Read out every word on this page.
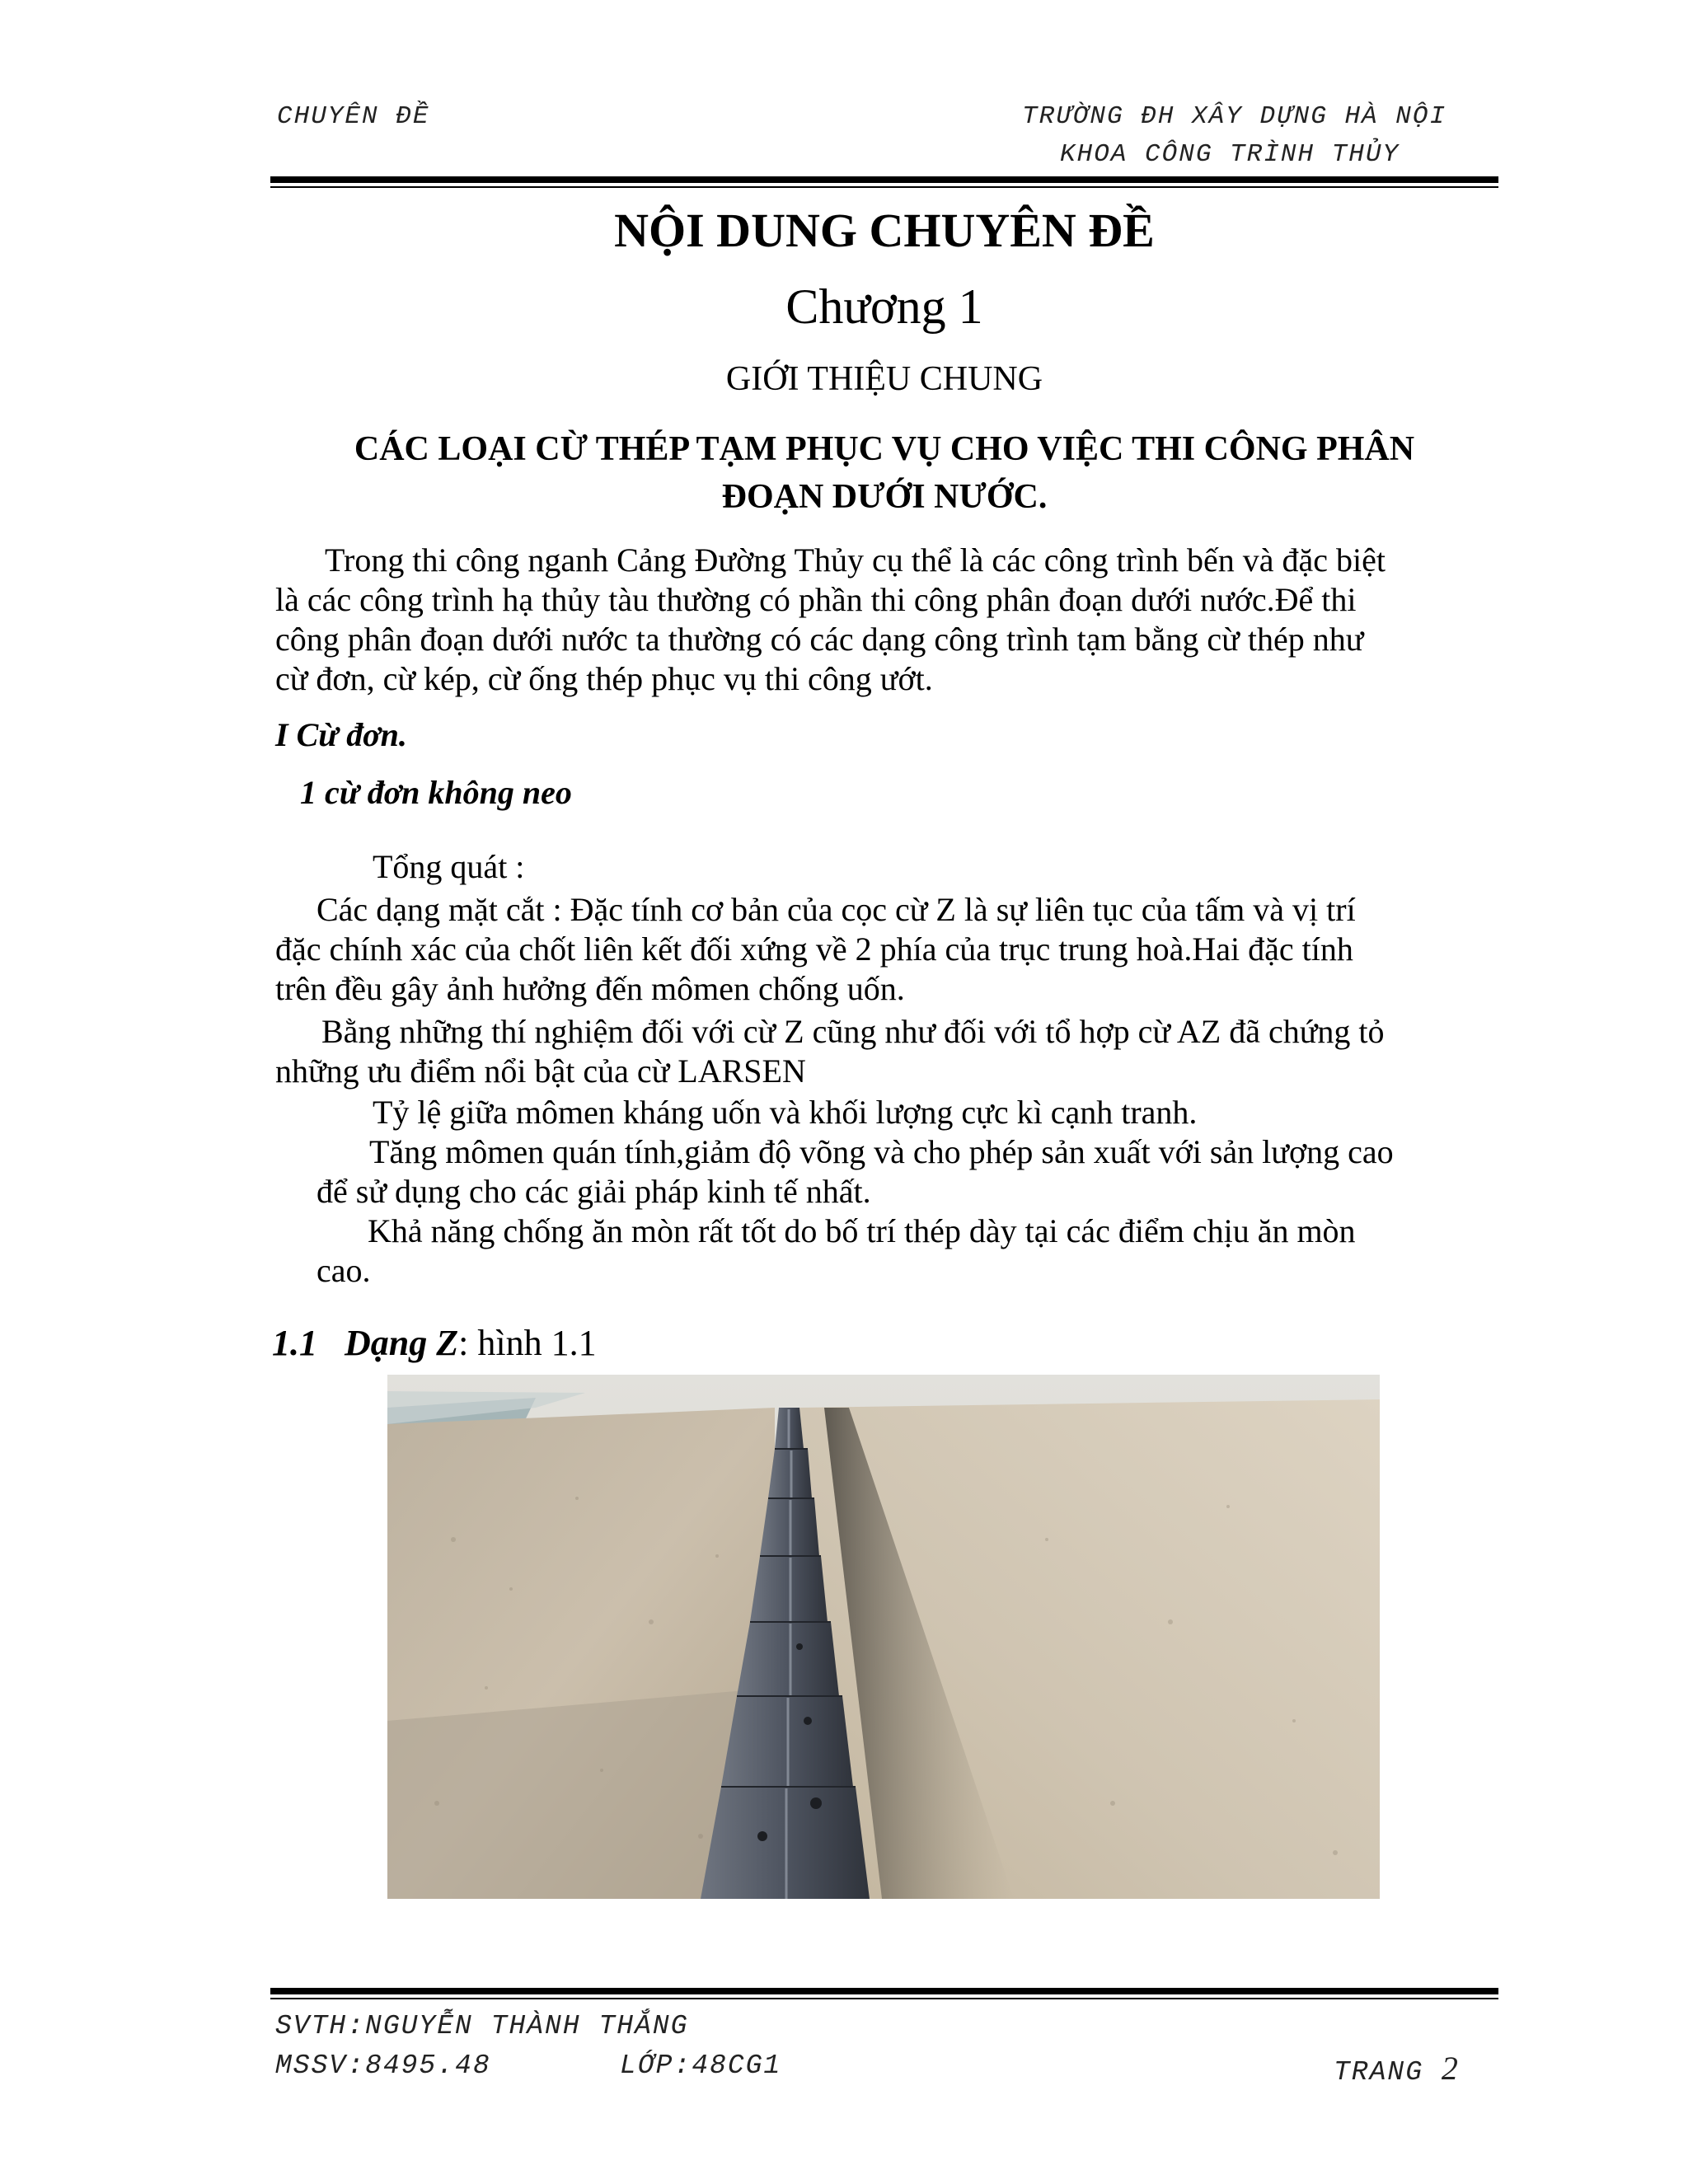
CHUYÊN ĐỀ	TRƯỜNG ĐH XÂY DỰNG HÀ NỘI
KHOA CÔNG TRÌNH THỦY
NỘI DUNG CHUYÊN ĐỀ
Chương 1
GIỚI THIỆU CHUNG
CÁC LOẠI CỪ THÉP TẠM PHỤC VỤ CHO VIỆC THI CÔNG PHÂN
ĐOẠN DƯỚI NƯỚC.
Trong thi công nganh Cảng Đường Thủy cụ thể là các công trình bến và đặc biệt
là các công trình hạ thủy tàu thường có phần thi công phân đoạn dưới nước.Để thi
công phân đoạn dưới nước ta thường có các dạng công trình tạm bằng cừ thép như
cừ đơn, cừ kép, cừ ống thép phục vụ thi công ướt.
I Cừ đơn.
1 cừ đơn không neo
Tổng quát :
Các dạng mặt cắt : Đặc tính cơ bản của cọc cừ Z là sự liên tục của tấm và vị trí
đặc chính xác của chốt liên kết đối xứng về 2 phía của trục trung hoà.Hai đặc tính
trên đều gây ảnh hưởng đến mômen chống uốn.
Bằng những thí nghiệm đối với cừ Z cũng như đối với tổ hợp cừ AZ đã chứng tỏ
những ưu điểm nổi bật của cừ LARSEN
Tỷ lệ giữa mômen kháng uốn và khối lượng cực kì cạnh tranh.
Tăng mômen quán tính,giảm độ võng và cho phép sản xuất với sản lượng cao
để sử dụng cho các giải pháp kinh tế nhất.
Khả năng chống ăn mòn rất tốt do bố trí thép dày tại các điểm chịu ăn mòn
cao.
1.1 Dạng Z: hình 1.1
SVTH:NGUYỄN THÀNH THẮNG
MSSV:8495.48	LỚP:48CG1	TRANG 2
